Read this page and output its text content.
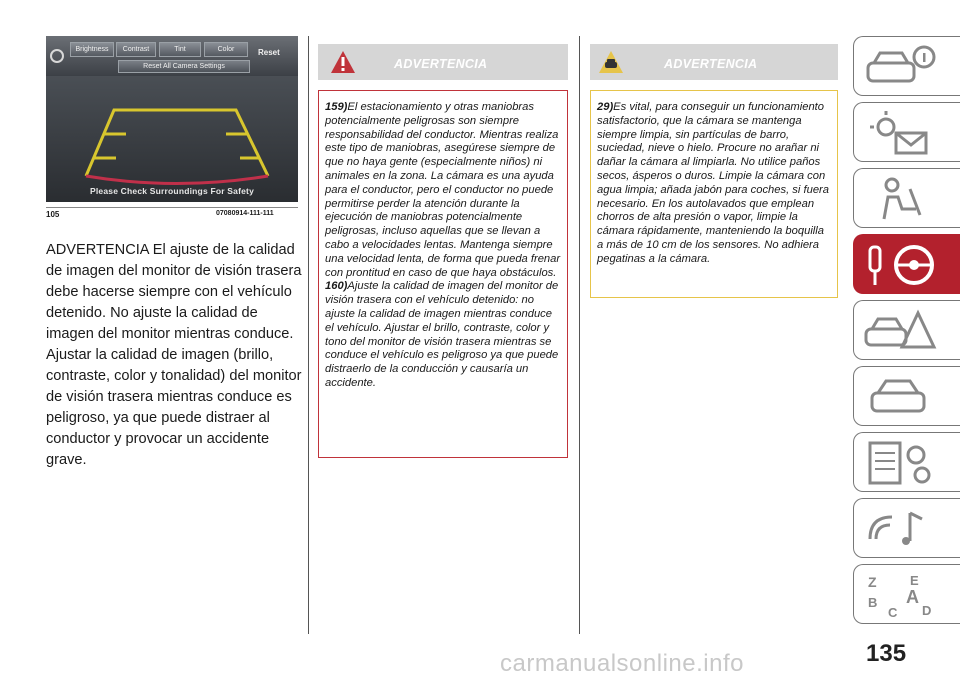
Brightness	Contrast	Tint	Color	Reset
Reset All Camera Settings
Please Check Surroundings For Safety
105	07080914-111-111

ADVERTENCIA El ajuste de la calidad de imagen del monitor de visión trasera debe hacerse siempre con el vehículo detenido. No ajuste la calidad de imagen del monitor mientras conduce. Ajustar la calidad de imagen (brillo, contraste, color y tonalidad) del monitor de visión trasera mientras conduce es peligroso, ya que puede distraer al conductor y provocar un accidente grave.

ADVERTENCIA

159)El estacionamiento y otras maniobras potencialmente peligrosas son siempre responsabilidad del conductor. Mientras realiza este tipo de maniobras, asegúrese siempre de que no haya gente (especialmente niños) ni animales en la zona. La cámara es una ayuda para el conductor, pero el conductor no puede permitirse perder la atención durante la ejecución de maniobras potencialmente peligrosas, incluso aquellas que se llevan a cabo a velocidades lentas. Mantenga siempre una velocidad lenta, de forma que pueda frenar con prontitud en caso de que haya obstáculos.

160)Ajuste la calidad de imagen del monitor de visión trasera con el vehículo detenido: no ajuste la calidad de imagen mientras conduce el vehículo. Ajustar el brillo, contraste, color y tono del monitor de visión trasera mientras se conduce el vehículo es peligroso ya que puede distraerlo de la conducción y causaría un accidente.

ADVERTENCIA

29)Es vital, para conseguir un funcionamiento satisfactorio, que la cámara se mantenga siempre limpia, sin partículas de barro, suciedad, nieve o hielo. Procure no arañar ni dañar la cámara al limpiarla. No utilice paños secos, ásperos o duros. Limpie la cámara con agua limpia; añada jabón para coches, si fuera necesario. En los autolavados que emplean chorros de alta presión o vapor, limpie la cámara rápidamente, manteniendo la boquilla a más de 10 cm de los sensores. No adhiera pegatinas a la cámara.

Z	E
B A
C D
carmanualsonline.info	135
